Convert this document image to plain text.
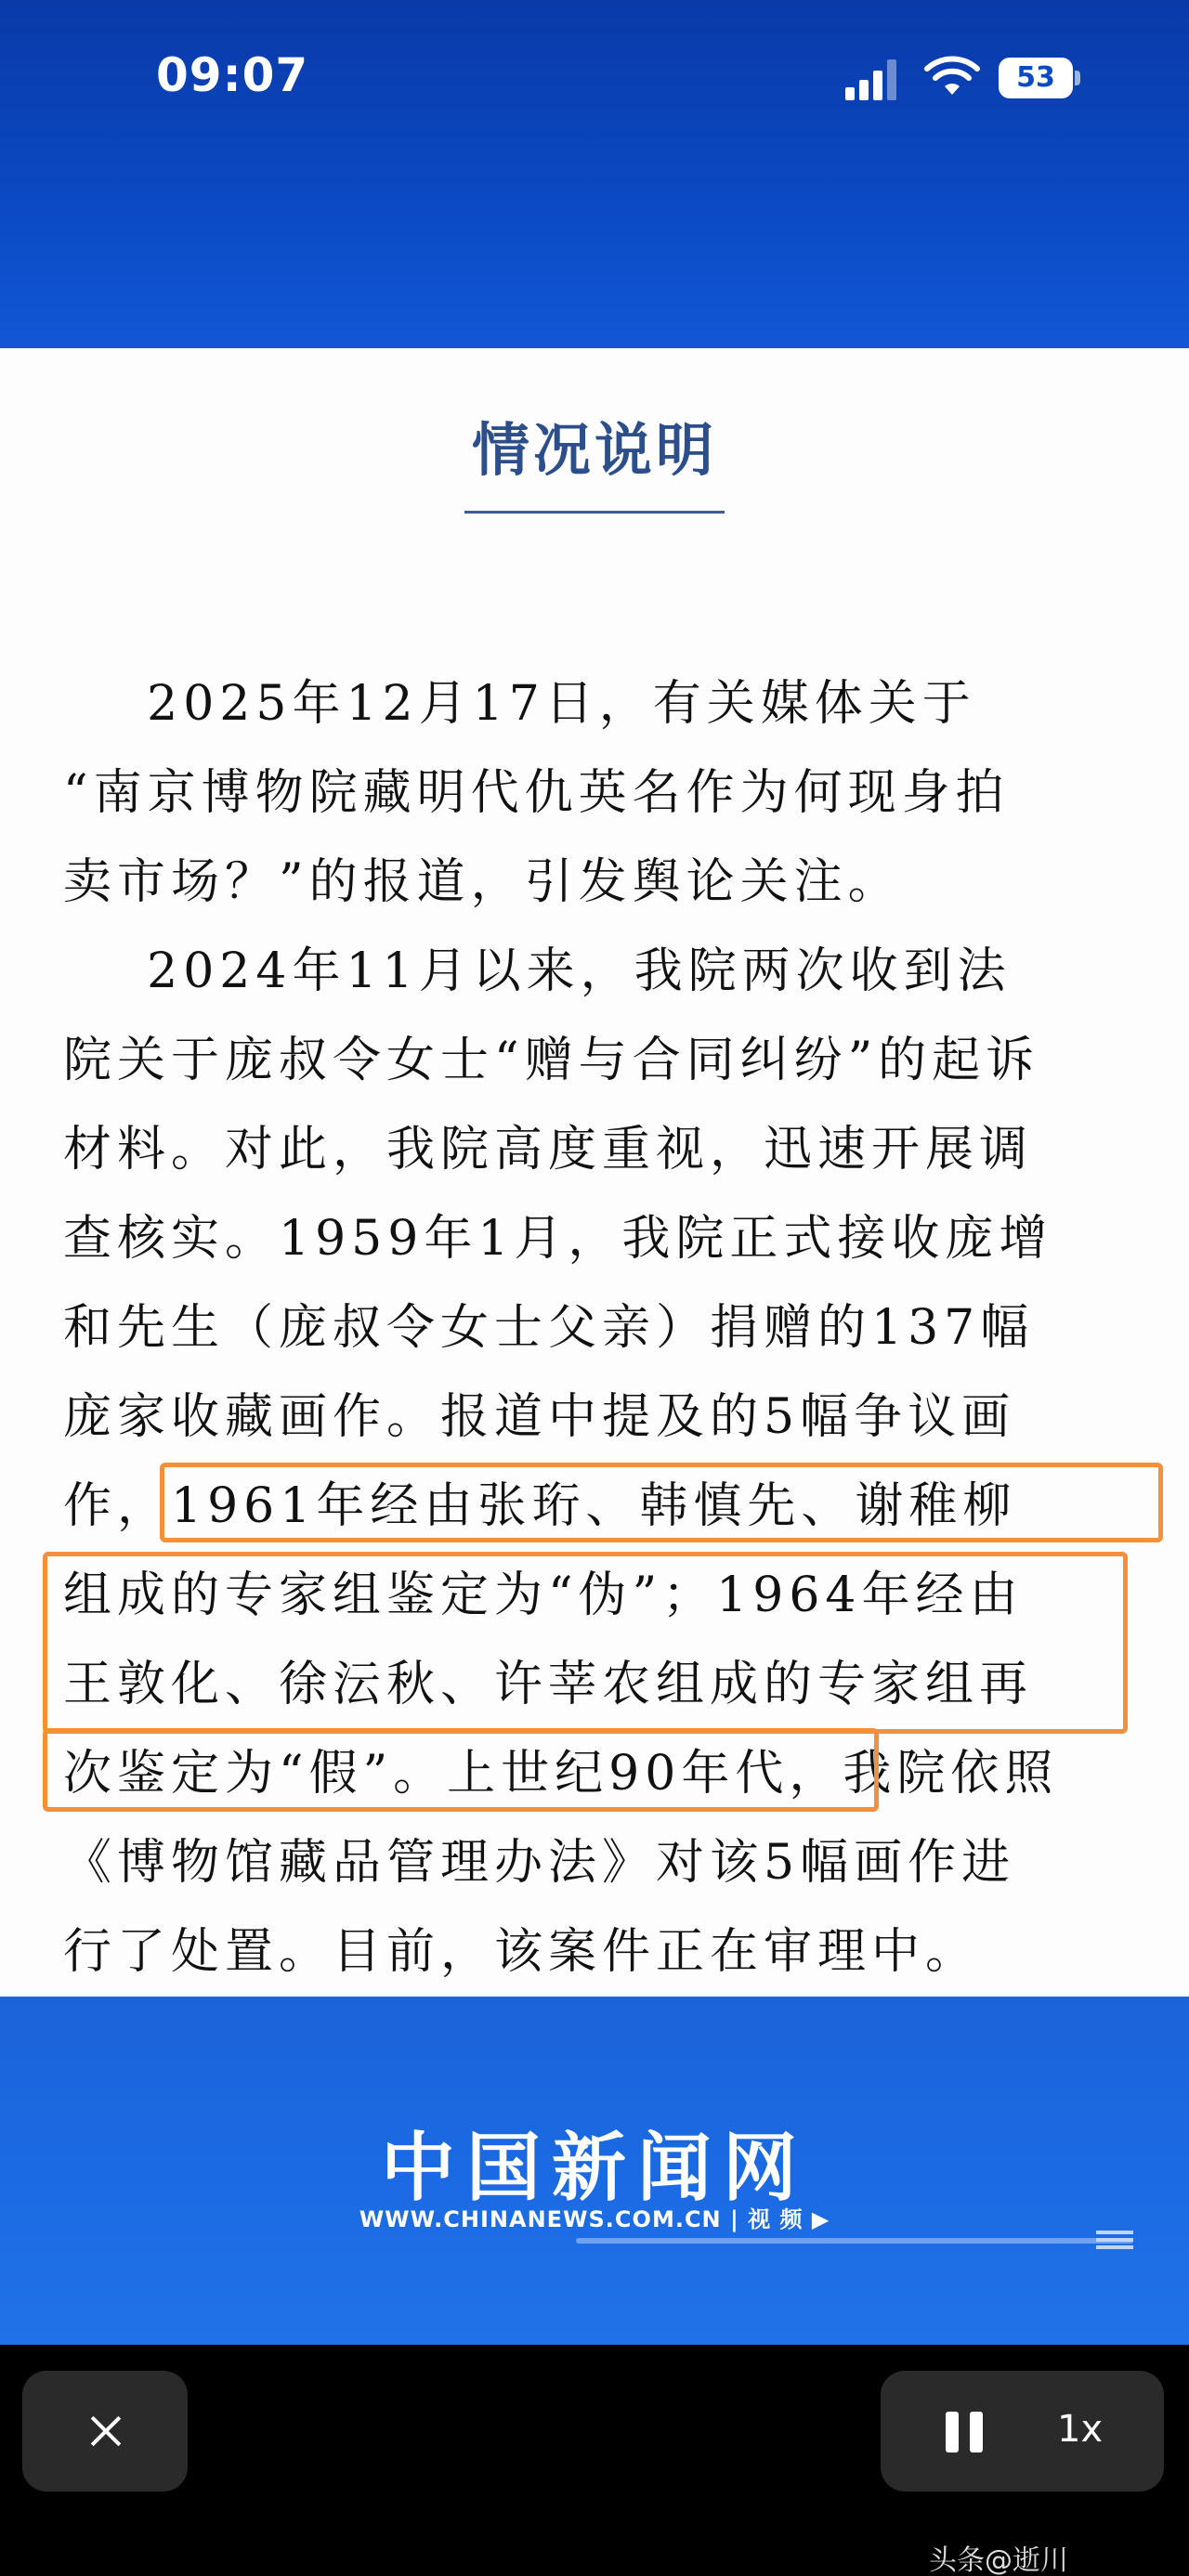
09:07	53
情况说明
2025年12月17日，有关媒体关于
“南京博物院藏明代仇英名作为何现身拍
卖市场？”的报道，引发舆论关注。
2024年11月以来，我院两次收到法
院关于庞叔令女士“赠与合同纠纷”的起诉
材料。对此，我院高度重视，迅速开展调
查核实。1959年1月，我院正式接收庞增
和先生（庞叔令女士父亲）捐赠的137幅
庞家收藏画作。报道中提及的5幅争议画
作，1961年经由张珩、韩慎先、谢稚柳
组成的专家组鉴定为“伪”；1964年经由
王敦化、徐沄秋、许莘农组成的专家组再
次鉴定为“假”。上世纪90年代，我院依照
《博物馆藏品管理办法》对该5幅画作进
行了处置。目前，该案件正在审理中。
中国新闻网
WWW.CHINANEWS.COM.CN | 视 频 ▶
1x
头条@逝川
